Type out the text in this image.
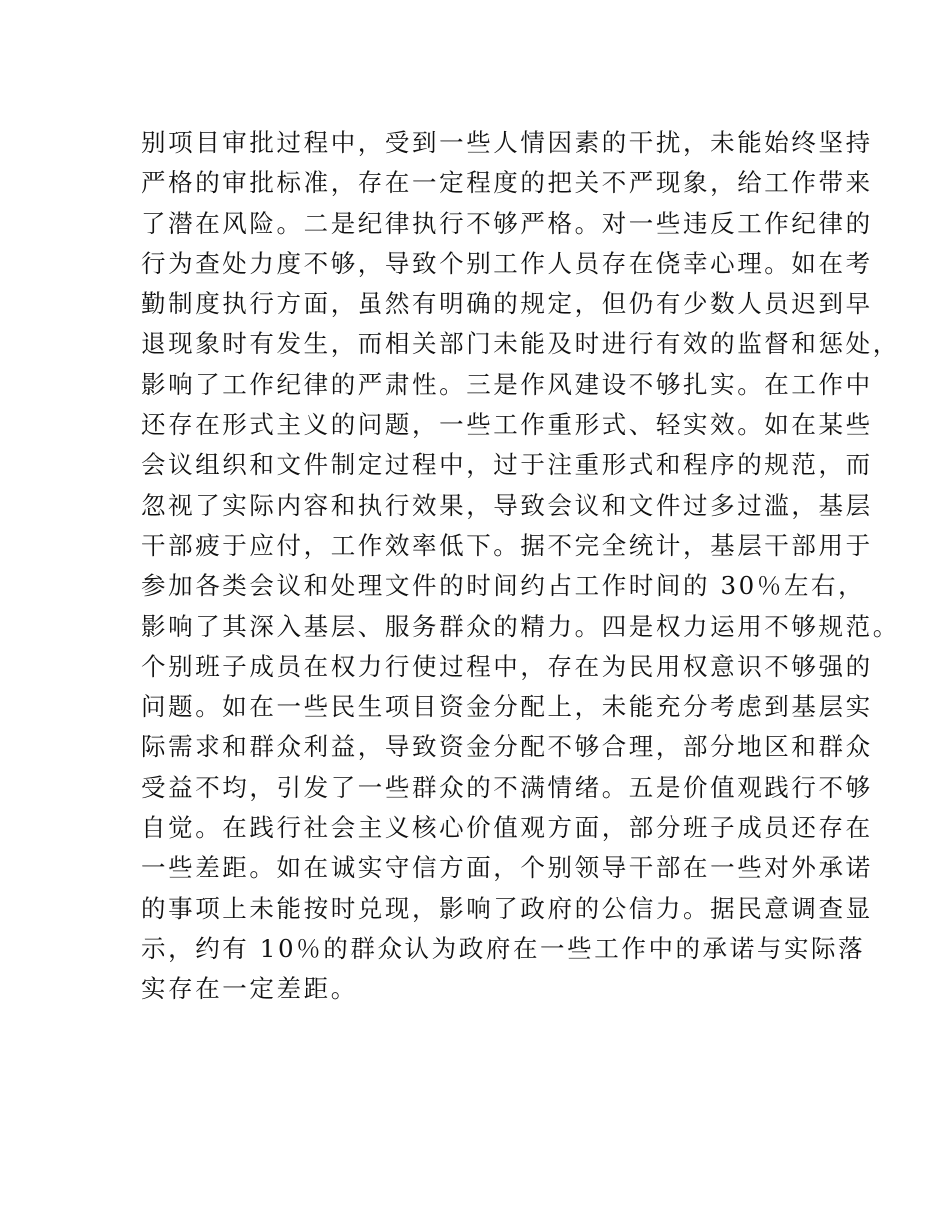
别项目审批过程中，受到一些人情因素的干扰，未能始终坚持
严格的审批标准，存在一定程度的把关不严现象，给工作带来
了潜在风险。二是纪律执行不够严格。对一些违反工作纪律的
行为查处力度不够，导致个别工作人员存在侥幸心理。如在考
勤制度执行方面，虽然有明确的规定，但仍有少数人员迟到早
退现象时有发生，而相关部门未能及时进行有效的监督和惩处，
影响了工作纪律的严肃性。三是作风建设不够扎实。在工作中
还存在形式主义的问题，一些工作重形式、轻实效。如在某些
会议组织和文件制定过程中，过于注重形式和程序的规范，而
忽视了实际内容和执行效果，导致会议和文件过多过滥，基层
干部疲于应付，工作效率低下。据不完全统计，基层干部用于
参加各类会议和处理文件的时间约占工作时间的 30％左右，
影响了其深入基层、服务群众的精力。四是权力运用不够规范。
个别班子成员在权力行使过程中，存在为民用权意识不够强的
问题。如在一些民生项目资金分配上，未能充分考虑到基层实
际需求和群众利益，导致资金分配不够合理，部分地区和群众
受益不均，引发了一些群众的不满情绪。五是价值观践行不够
自觉。在践行社会主义核心价值观方面，部分班子成员还存在
一些差距。如在诚实守信方面，个别领导干部在一些对外承诺
的事项上未能按时兑现，影响了政府的公信力。据民意调查显
示，约有 10％的群众认为政府在一些工作中的承诺与实际落
实存在一定差距。
